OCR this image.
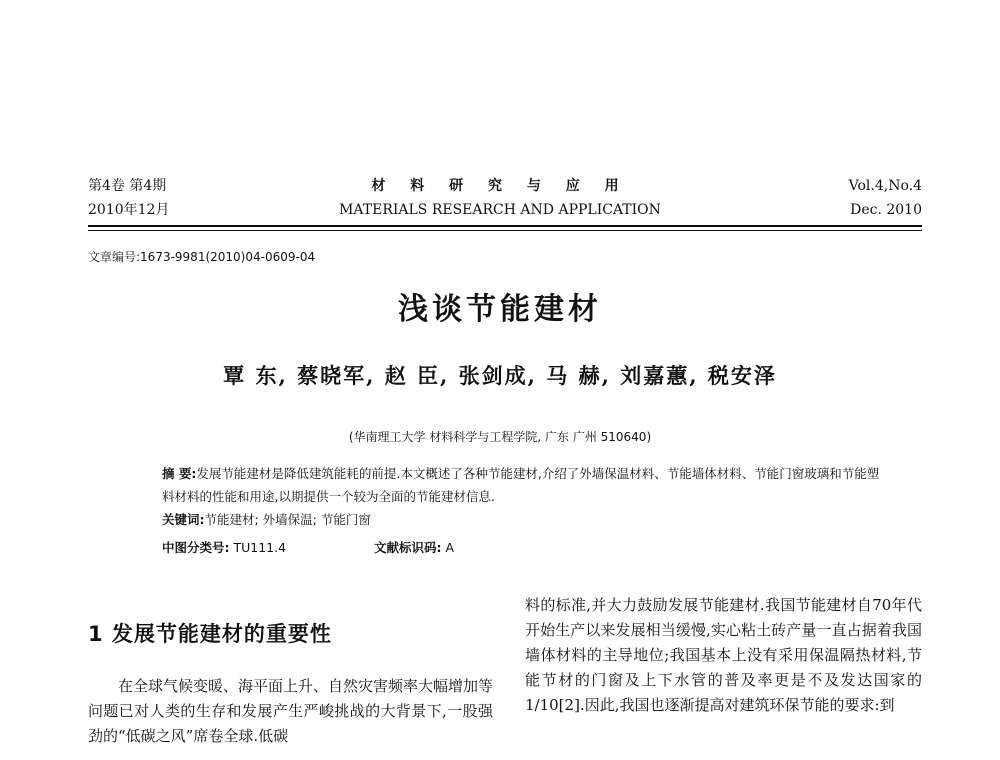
第4卷 第4期
2010年12月
材 料 研 究 与 应 用
MATERIALS RESEARCH AND APPLICATION
Vol.4,No.4
Dec. 2010
文章编号:1673-9981(2010)04-0609-04
浅谈节能建材
覃 东, 蔡晓军, 赵 臣, 张剑成, 马 赫, 刘嘉蕙, 税安泽
(华南理工大学 材料科学与工程学院, 广东 广州 510640)
摘 要:发展节能建材是降低建筑能耗的前提.本文概述了各种节能建材,介绍了外墙保温材料、节能墙体材料、节能门窗玻璃和节能塑料材料的性能和用途,以期提供一个较为全面的节能建材信息.
关键词:节能建材; 外墙保温; 节能门窗
中图分类号: TU111.4	文献标识码: A
1 发展节能建材的重要性
在全球气候变暖、海平面上升、自然灾害频率大幅增加等问题已对人类的生存和发展产生严峻挑战的大背景下,一股强劲的“低碳之风”席卷全球.低碳
料的标准,并大力鼓励发展节能建材.我国节能建材自70年代开始生产以来发展相当缓慢,实心粘土砖产量一直占据着我国墙体材料的主导地位;我国基本上没有采用保温隔热材料,节能节材的门窗及上下水管的普及率更是不及发达国家的1/10[2].因此,我国也逐渐提高对建筑环保节能的要求:到
